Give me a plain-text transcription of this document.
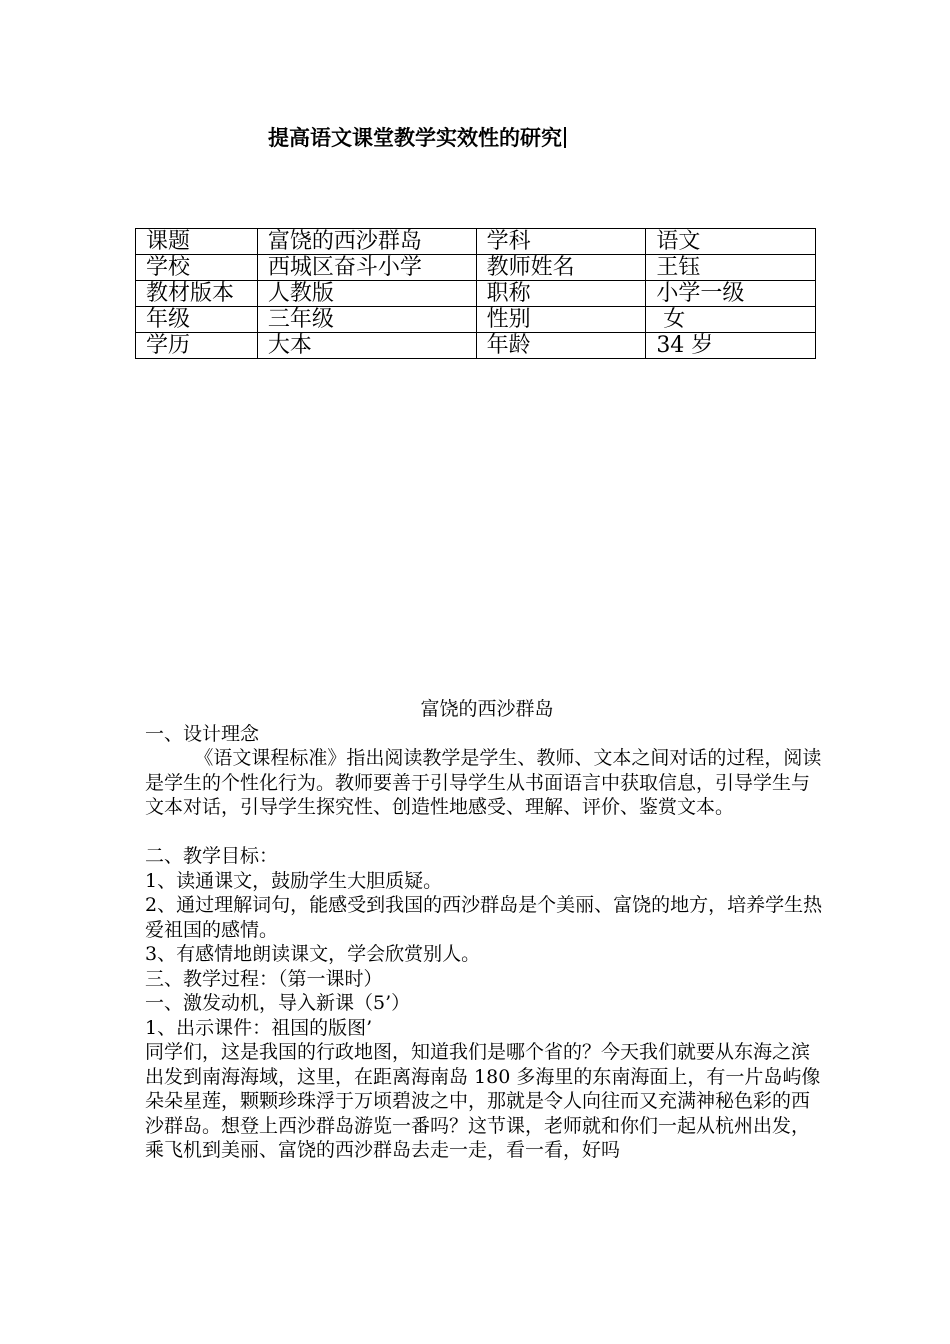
提高语文课堂教学实效性的研究
课题	富饶的西沙群岛	学科	语文
学校	西城区奋斗小学	教师姓名	王钰
教材版本	人教版	职称	小学一级
年级	三年级	性别	女
学历	大本	年龄	34 岁

富饶的西沙群岛

一、设计理念

《语文课程标准》指出阅读教学是学生、教师、文本之间对话的过程，阅读是学生的个性化行为。教师要善于引导学生从书面语言中获取信息，引导学生与文本对话，引导学生探究性、创造性地感受、理解、评价、鉴赏文本。

二、教学目标：

1、读通课文，鼓励学生大胆质疑。

2、通过理解词句，能感受到我国的西沙群岛是个美丽、富饶的地方，培养学生热爱祖国的感情。

3、有感情地朗读课文，学会欣赏别人。

三、教学过程：（第一课时）

一、激发动机，导入新课（5’）

1、出示课件：祖国的版图’

同学们，这是我国的行政地图，知道我们是哪个省的？今天我们就要从东海之滨出发到南海海域，这里，在距离海南岛 180 多海里的东南海面上，有一片岛屿像朵朵星莲，颗颗珍珠浮于万顷碧波之中，那就是令人向往而又充满神秘色彩的西沙群岛。想登上西沙群岛游览一番吗？这节课，老师就和你们一起从杭州出发，乘飞机到美丽、富饶的西沙群岛去走一走，看一看，好吗
